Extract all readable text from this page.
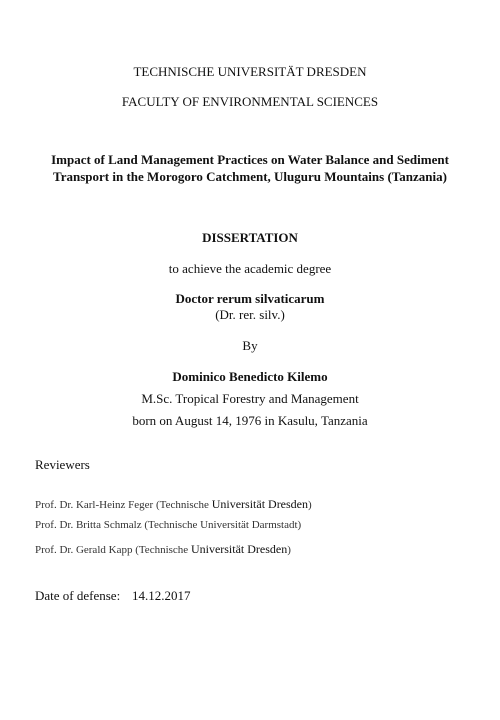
TECHNISCHE UNIVERSITÄT DRESDEN
FACULTY OF ENVIRONMENTAL SCIENCES
Impact of Land Management Practices on Water Balance and Sediment
Transport in the Morogoro Catchment, Uluguru Mountains (Tanzania)
DISSERTATION
to achieve the academic degree
Doctor rerum silvaticarum
(Dr. rer. silv.)
By
Dominico Benedicto Kilemo
M.Sc. Tropical Forestry and Management
born on August 14, 1976 in Kasulu, Tanzania
Reviewers
Prof. Dr. Karl-Heinz Feger (Technische Universität Dresden)
Prof. Dr. Britta Schmalz (Technische Universität Darmstadt)
Prof. Dr. Gerald Kapp (Technische Universität Dresden)
Date of defense: 14.12.2017
